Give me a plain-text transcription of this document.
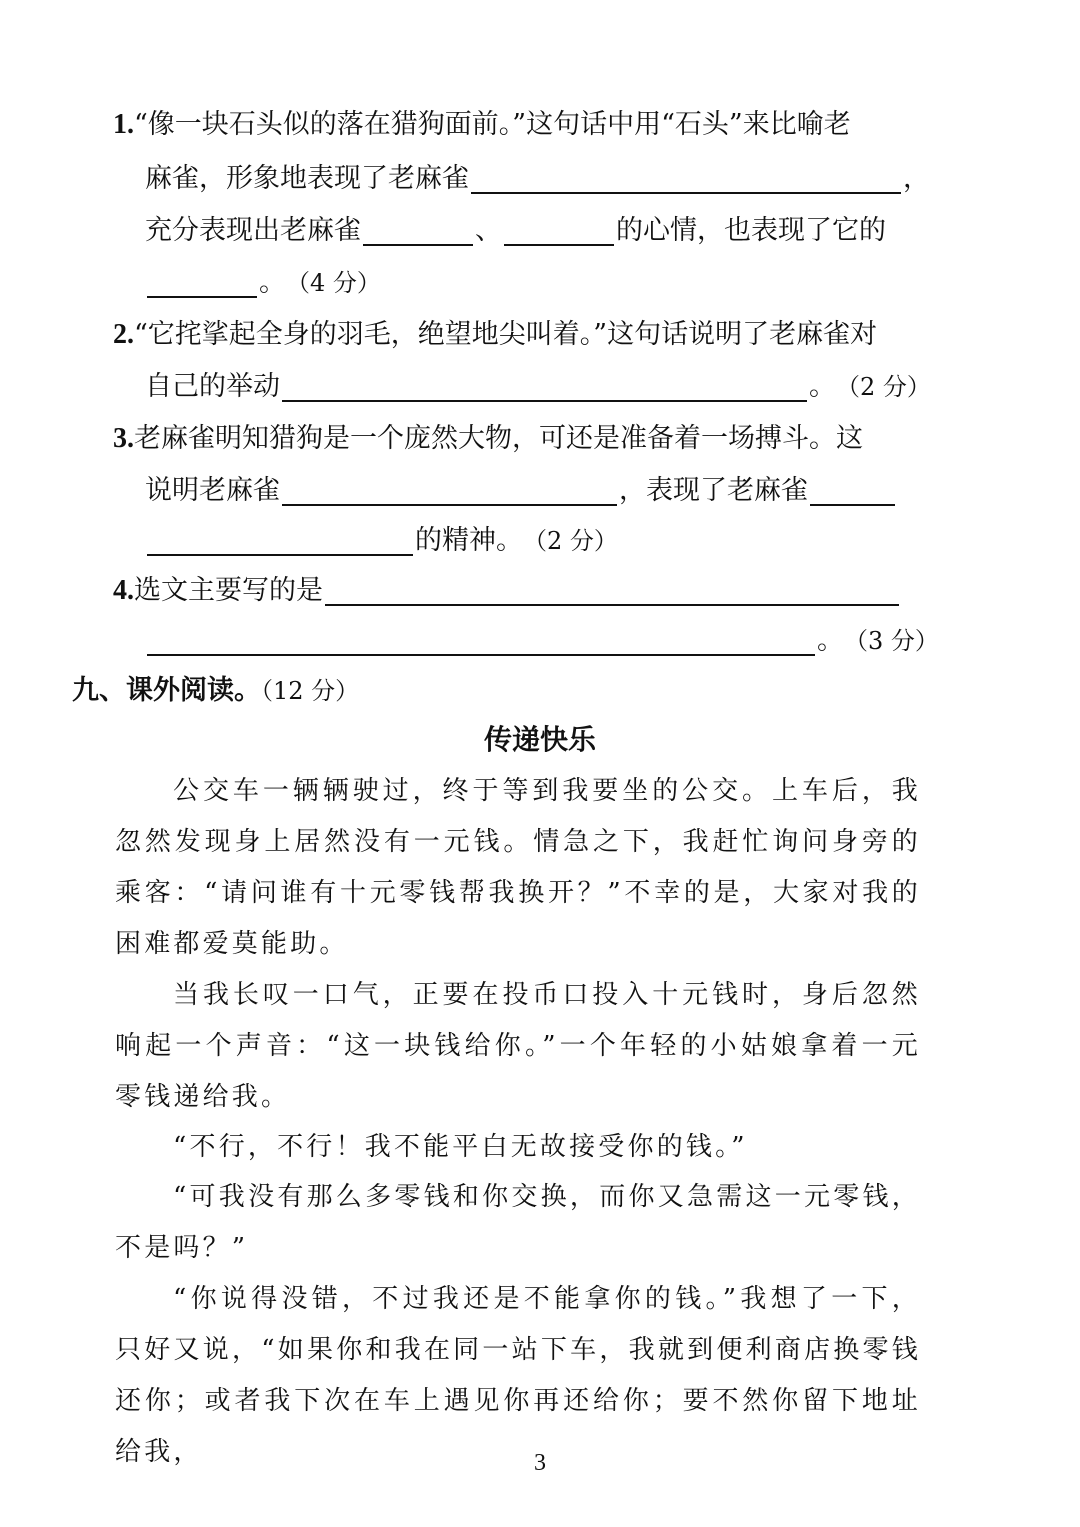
1. “像一块石头似的落在猎狗面前。”这句话中用“石头”来比喻老
麻雀，形象地表现了老麻雀	，
充分表现出老麻雀	、	的心情，也表现了它的
。 （4 分）
2. “它挓挲起全身的羽毛，绝望地尖叫着。”这句话说明了老麻雀对
自己的举动	。 （2 分）
3. 老麻雀明知猎狗是一个庞然大物，可还是准备着一场搏斗。这
说明老麻雀	，表现了老麻雀
的精神。 （2 分）
4. 选文主要写的是
。 （3 分）
九、课外阅读。（12 分）
传递快乐
公交车一辆辆驶过，终于等到我要坐的公交。上车后，我忽然发现身上居然没有一元钱。情急之下，我赶忙询问身旁的乘客：“请问谁有十元零钱帮我换开？”不幸的是，大家对我的困难都爱莫能助。
当我长叹一口气，正要在投币口投入十元钱时，身后忽然响起一个声音：“这一块钱给你。”一个年轻的小姑娘拿着一元零钱递给我。
“不行，不行！我不能平白无故接受你的钱。”
“可我没有那么多零钱和你交换，而你又急需这一元零钱，不是吗？”
“你说得没错，不过我还是不能拿你的钱。”我想了一下，只好又说，“如果你和我在同一站下车，我就到便利商店换零钱还你；或者我下次在车上遇见你再还给你；要不然你留下地址给我，	3
